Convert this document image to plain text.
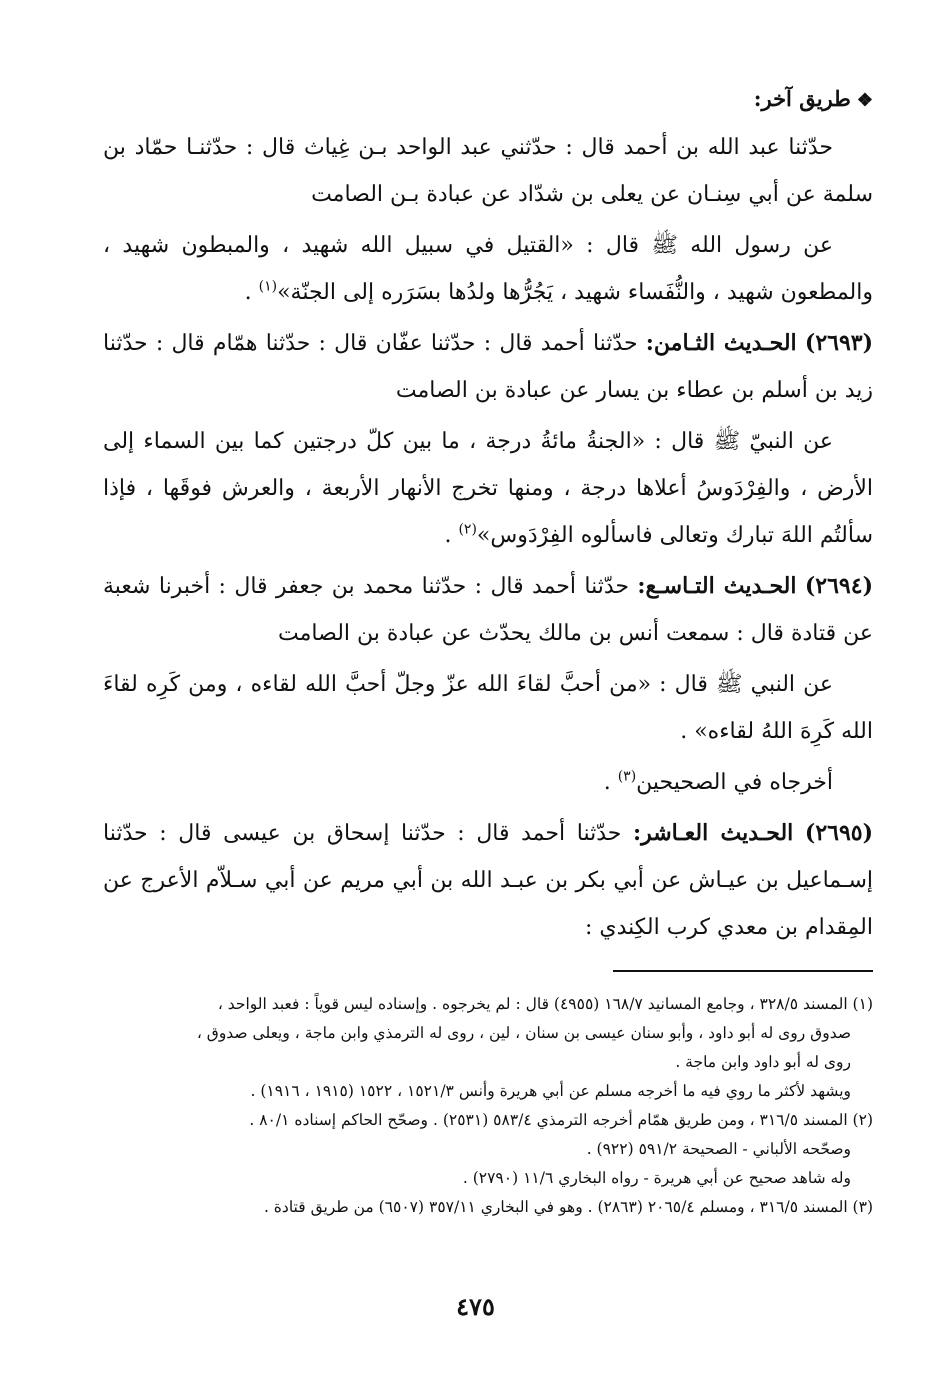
❖طريق آخر:

حدّثنا عبد الله بن أحمد قال : حدّثني عبد الواحد بـن غِياث قال : حدّثنـا حمّاد بن سلمة عن أبي سِنـان عن يعلى بن شدّاد عن عبادة بـن الصامت

عن رسول الله ﷺ قال : «القتيل في سبيل الله شهيد ، والمبطون شهيد ، والمطعون شهيد ، والنُّفَساء شهيد ، يَجُرُّها ولدُها بسَرَره إلى الجنّة»$^{(١)}$ .

(٢٦٩٣) الحـديث الثـامن: حدّثنا أحمد قال : حدّثنا عفّان قال : حدّثنا همّام قال : حدّثنا زيد بن أسلم بن عطاء بن يسار عن عبادة بن الصامت

عن النبيّ ﷺ قال : «الجنةُ مائةُ درجة ، ما بين كلّ درجتين كما بين السماء إلى الأرض ، والفِرْدَوسُ أعلاها درجة ، ومنها تخرج الأنهار الأربعة ، والعرش فوقَها ، فإذا سألتُم اللهَ تبارك وتعالى فاسألوه الفِرْدَوس»$^{(٢)}$ .

(٢٦٩٤) الحـديث التـاسـع: حدّثنا أحمد قال : حدّثنا محمد بن جعفر قال : أخبرنا شعبة عن قتادة قال : سمعت أنس بن مالك يحدّث عن عبادة بن الصامت

عن النبي ﷺ قال : «من أحبَّ لقاءَ الله عزّ وجلّ أحبَّ الله لقاءه ، ومن كَرِه لقاءَ الله كَرِهَ اللهُ لقاءه» .

أخرجاه في الصحيحين$^{(٣)}$ .

(٢٦٩٥) الحـديث العـاشر: حدّثنا أحمد قال : حدّثنا إسحاق بن عيسى قال : حدّثنا إسـماعيل بن عيـاش عن أبي بكر بن عبـد الله بن أبي مريم عن أبي سـلاّم الأعرج عن المِقدام بن معدي كرب الكِندي :

(١) المسند ٣٢٨/٥ ، وجامع المسانيد ١٦٨/٧ (٤٩٥٥) قال : لم يخرجوه . وإسناده ليس قوياً : فعبد الواحد ،

صدوق روى له أبو داود ، وأبو سنان عيسى بن سنان ، لين ، روى له الترمذي وابن ماجة ، ويعلى صدوق ،

روى له أبو داود وابن ماجة .

ويشهد لأكثر ما روي فيه ما أخرجه مسلم عن أبي هريرة وأنس ١٥٢١/٣ ، ١٥٢٢ (١٩١٥ ، ١٩١٦) .

(٢) المسند ٣١٦/٥ ، ومن طريق همّام أخرجه الترمذي ٥٨٣/٤ (٢٥٣١) . وصحّح الحاكم إسناده ٨٠/١ .

وصحّحه الألباني - الصحيحة ٥٩١/٢ (٩٢٢) .

وله شاهد صحيح عن أبي هريرة - رواه البخاري ١١/٦ (٢٧٩٠) .

(٣) المسند ٣١٦/٥ ، ومسلم ٢٠٦٥/٤ (٢٨٦٣) . وهو في البخاري ٣٥٧/١١ (٦٥٠٧) من طريق قتادة .

٤٧٥
